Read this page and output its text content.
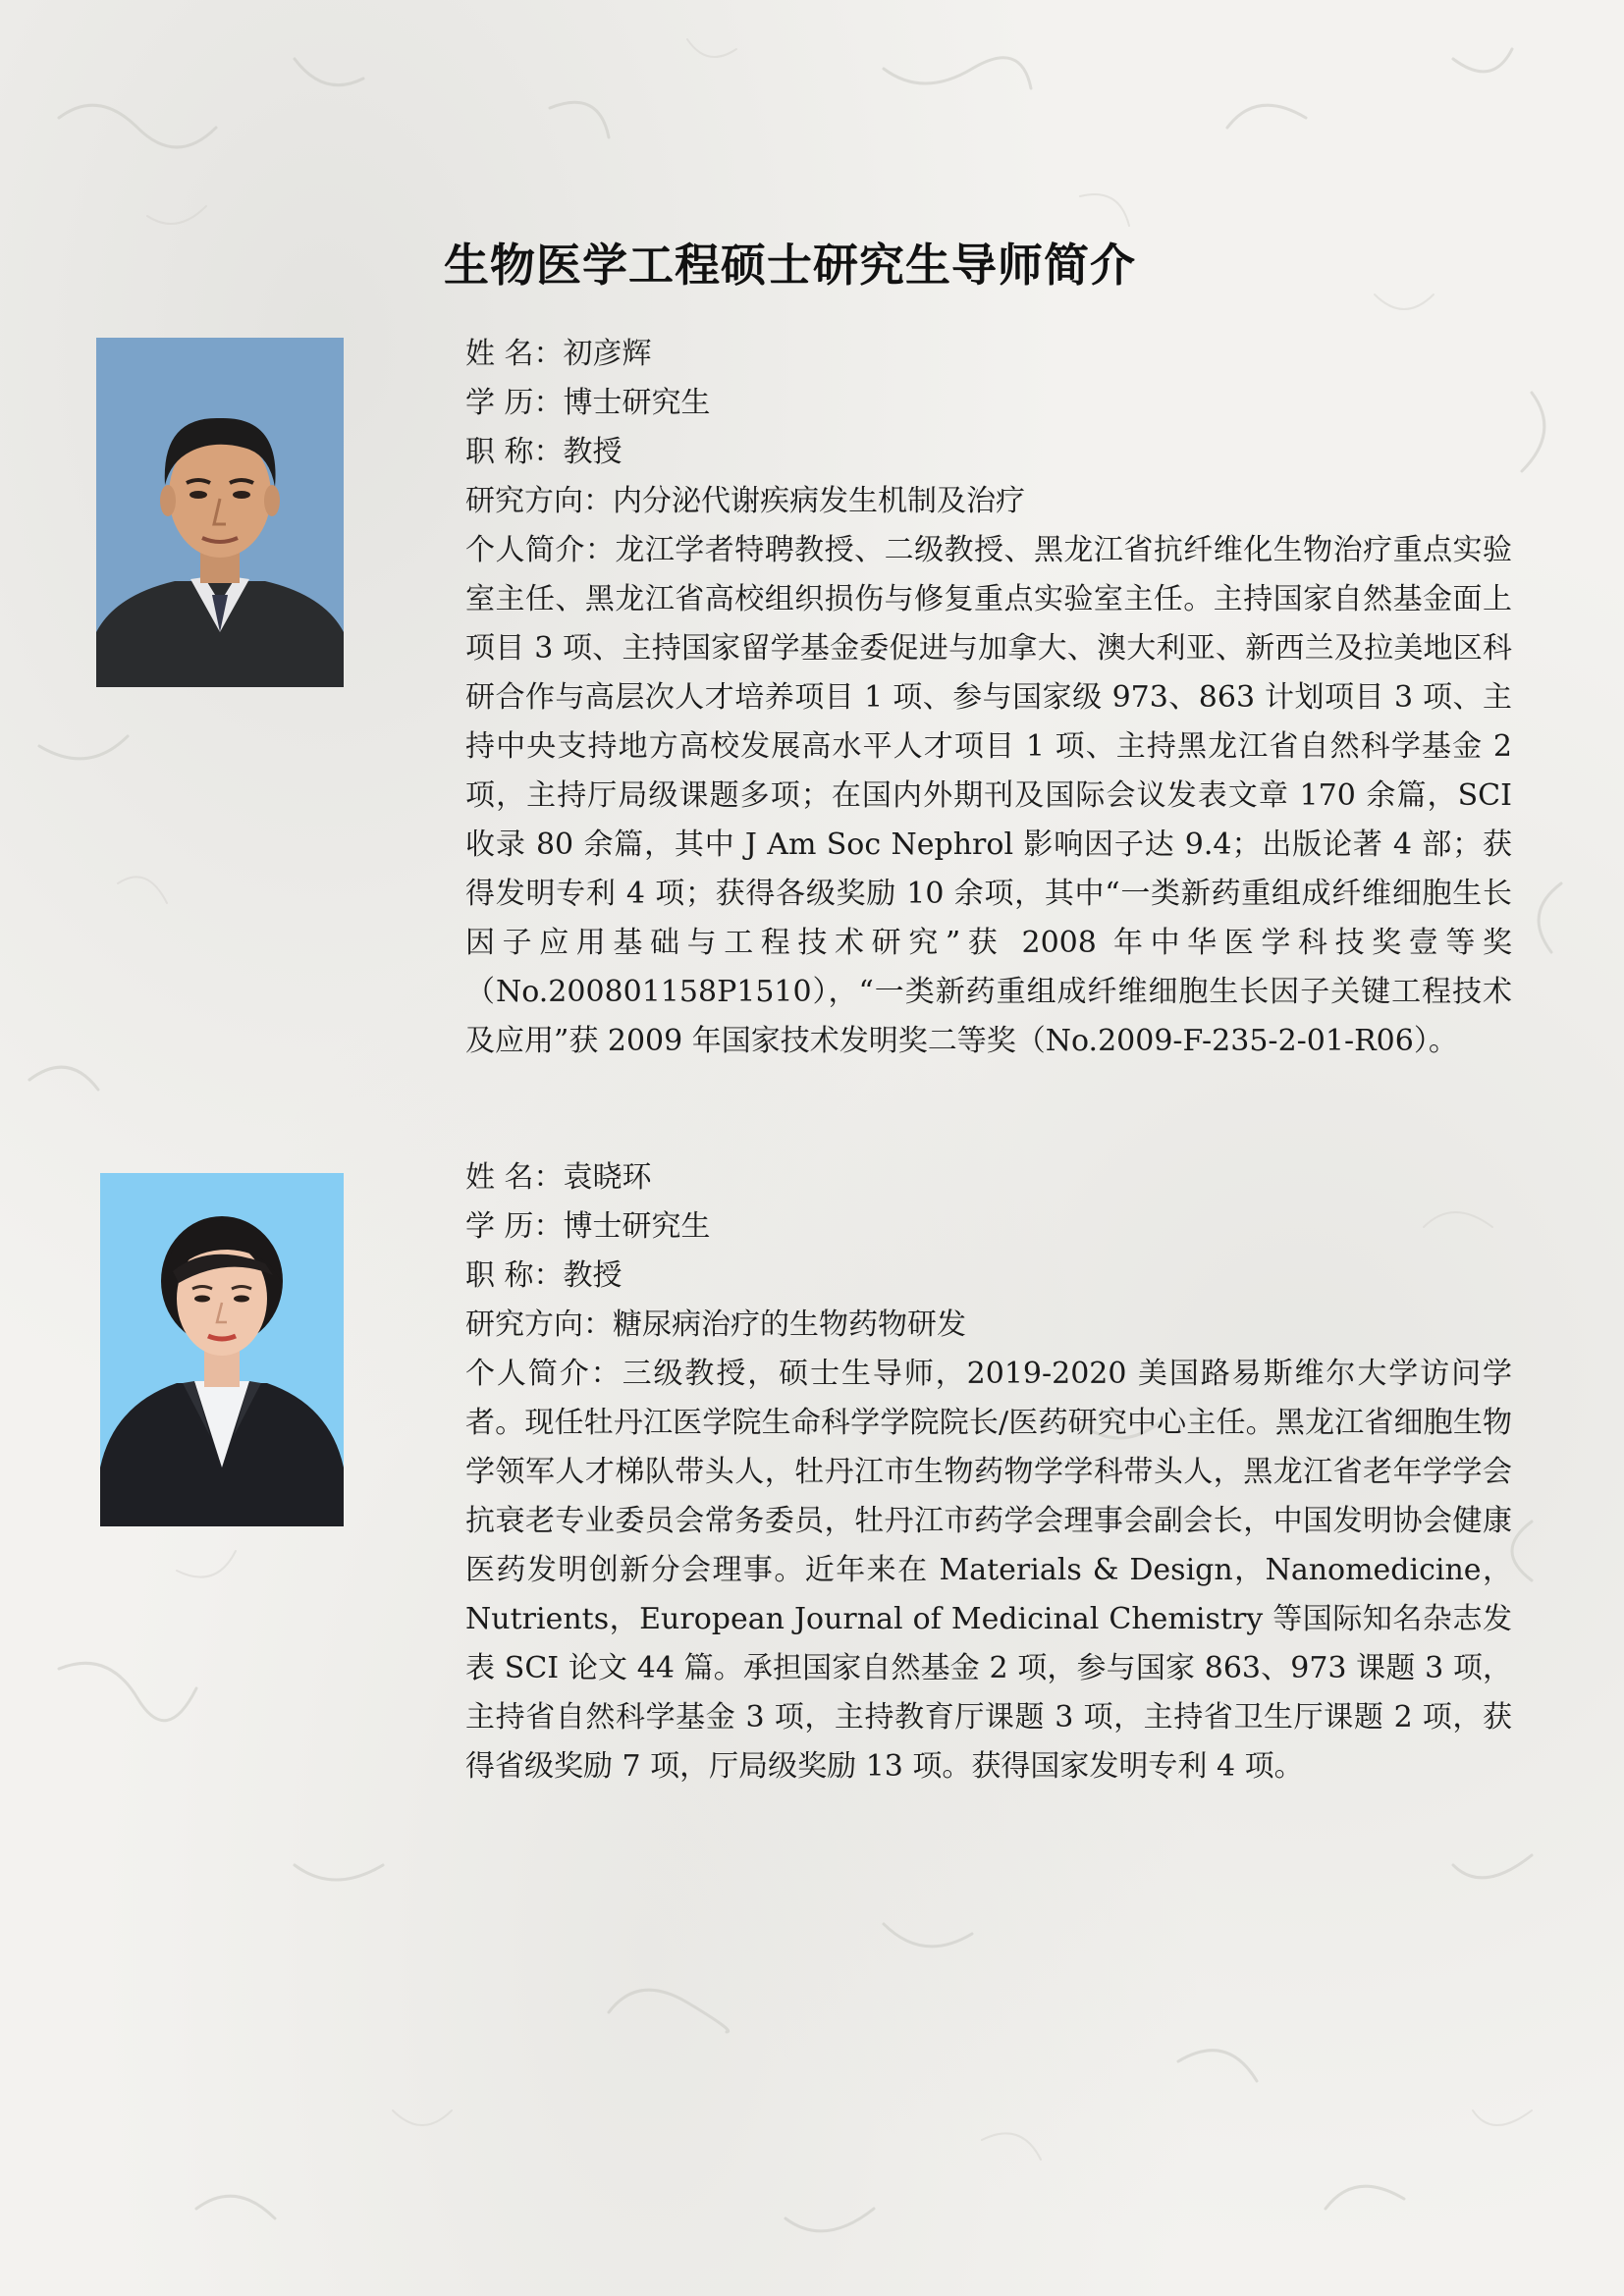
生物医学工程硕士研究生导师简介
姓 名：初彦辉
学 历：博士研究生
职 称：教授
研究方向：内分泌代谢疾病发生机制及治疗
个人简介：龙江学者特聘教授、二级教授、黑龙江省抗纤维化生物治疗重点实验室主任、黑龙江省高校组织损伤与修复重点实验室主任。主持国家自然基金面上项目 3 项、主持国家留学基金委促进与加拿大、澳大利亚、新西兰及拉美地区科研合作与高层次人才培养项目 1 项、参与国家级 973、863 计划项目 3 项、主持中央支持地方高校发展高水平人才项目 1 项、主持黑龙江省自然科学基金 2 项，主持厅局级课题多项；在国内外期刊及国际会议发表文章 170 余篇，SCI 收录 80 余篇，其中 J Am Soc Nephrol 影响因子达 9.4；出版论著 4 部；获得发明专利 4 项；获得各级奖励 10 余项，其中“一类新药重组成纤维细胞生长因子应用基础与工程技术研究”获 2008 年中华医学科技奖壹等奖（No.200801158P1510），“一类新药重组成纤维细胞生长因子关键工程技术及应用”获 2009 年国家技术发明奖二等奖（No.2009-F-235-2-01-R06）。
姓 名：袁晓环
学 历：博士研究生
职 称：教授
研究方向：糖尿病治疗的生物药物研发
个人简介：三级教授，硕士生导师，2019-2020 美国路易斯维尔大学访问学者。现任牡丹江医学院生命科学学院院长/医药研究中心主任。黑龙江省细胞生物学领军人才梯队带头人，牡丹江市生物药物学学科带头人，黑龙江省老年学学会抗衰老专业委员会常务委员，牡丹江市药学会理事会副会长，中国发明协会健康医药发明创新分会理事。近年来在 Materials & Design，Nanomedicine，Nutrients，European Journal of Medicinal Chemistry 等国际知名杂志发表 SCI 论文 44 篇。承担国家自然基金 2 项，参与国家 863、973 课题 3 项，主持省自然科学基金 3 项，主持教育厅课题 3 项，主持省卫生厅课题 2 项，获得省级奖励 7 项，厅局级奖励 13 项。获得国家发明专利 4 项。
